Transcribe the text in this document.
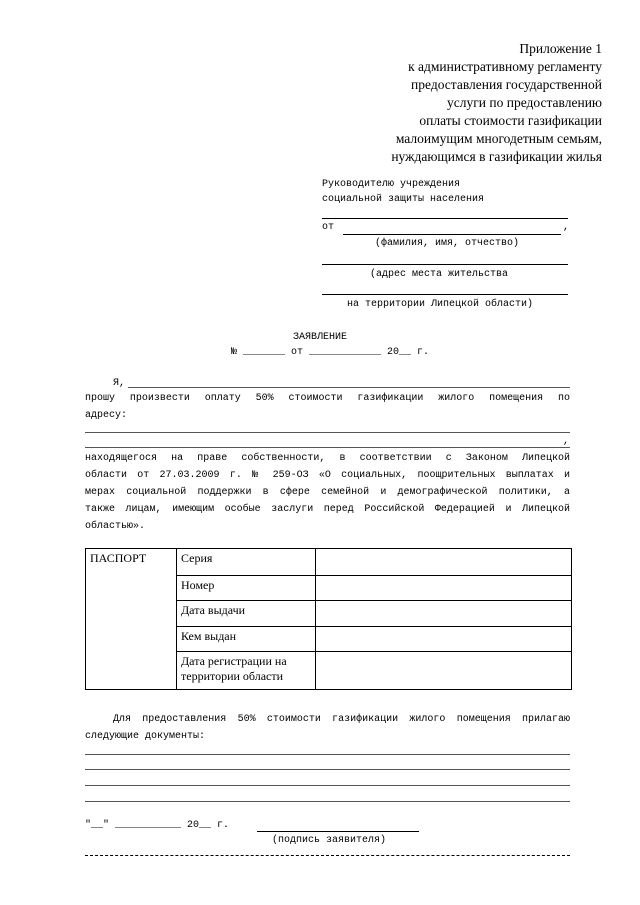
Приложение 1
к административному регламенту
предоставления государственной
услуги по предоставлению
оплаты стоимости газификации
малоимущим многодетным семьям,
нуждающимся в газификации жилья
Руководителю учреждения
социальной защиты населения
от	,
(фамилия, имя, отчество)
(адрес места жительства
на территории Липецкой области)
ЗАЯВЛЕНИЕ
№ _______ от ____________ 20__ г.
Я,

прошу произвести оплату 50% стоимости газификации жилого помещения по

адресу:

,

находящегося на праве собственности, в соответствии с Законом Липецкой

области от 27.03.2009 г. № 259-ОЗ «О социальных, поощрительных выплатах и

мерах социальной поддержки в сфере семейной и демографической политики, а

также лицам, имеющим особые заслуги перед Российской Федерацией и Липецкой

областью».

ПАСПОРТ	Серия	
	Номер	
	Дата выдачи	
	Кем выдан	
	Дата регистрации на территории области	

Для предоставления 50% стоимости газификации жилого помещения прилагаю

следующие документы:

"__" ___________ 20__ г.
(подпись заявителя)
